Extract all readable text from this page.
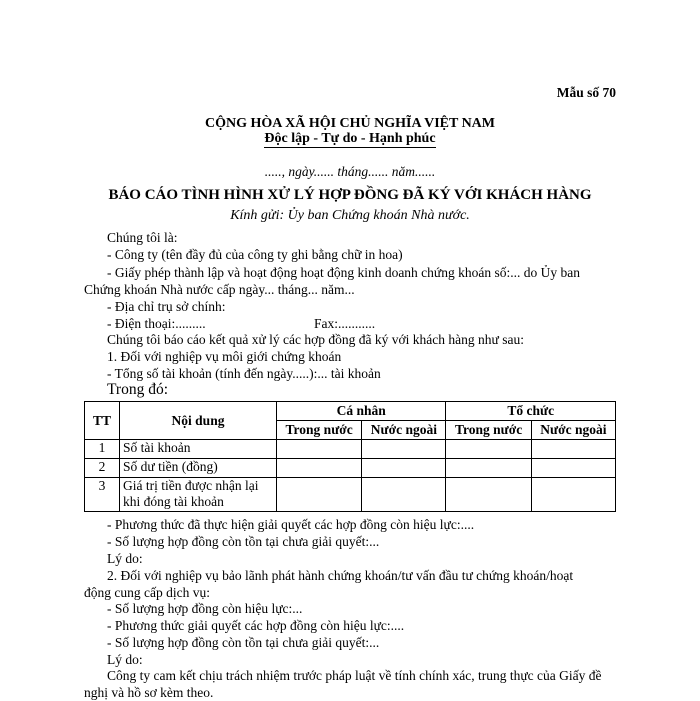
Mẫu số 70
CỘNG HÒA XÃ HỘI CHỦ NGHĨA VIỆT NAM
Độc lập - Tự do - Hạnh phúc
....., ngày...... tháng...... năm......
BÁO CÁO TÌNH HÌNH XỬ LÝ HỢP ĐỒNG ĐÃ KÝ VỚI KHÁCH HÀNG
Kính gửi: Ủy ban Chứng khoán Nhà nước.
Chúng tôi là:
- Công ty (tên đầy đủ của công ty ghi bằng chữ in hoa)
- Giấy phép thành lập và hoạt động hoạt động kinh doanh chứng khoán số:... do Ủy ban
Chứng khoán Nhà nước cấp ngày... tháng... năm...
- Địa chỉ trụ sở chính:
- Điện thoại:.........	Fax:...........
Chúng tôi báo cáo kết quả xử lý các hợp đồng đã ký với khách hàng như sau:
1. Đối với nghiệp vụ môi giới chứng khoán
- Tổng số tài khoản (tính đến ngày.....):... tài khoản
Trong đó:
TT	Nội dung	Cá nhân		Tổ chức	
		Trong nước	Nước ngoài	Trong nước	Nước ngoài
1	Số tài khoản				
2	Số dư tiền (đồng)				
3	Giá trị tiền được nhận lại khi đóng tài khoản				
- Phương thức đã thực hiện giải quyết các hợp đồng còn hiệu lực:....
- Số lượng hợp đồng còn tồn tại chưa giải quyết:...
Lý do:
2. Đối với nghiệp vụ bảo lãnh phát hành chứng khoán/tư vấn đầu tư chứng khoán/hoạt
động cung cấp dịch vụ:
- Số lượng hợp đồng còn hiệu lực:...
- Phương thức giải quyết các hợp đồng còn hiệu lực:....
- Số lượng hợp đồng còn tồn tại chưa giải quyết:...
Lý do:
Công ty cam kết chịu trách nhiệm trước pháp luật về tính chính xác, trung thực của Giấy đề
nghị và hồ sơ kèm theo.
